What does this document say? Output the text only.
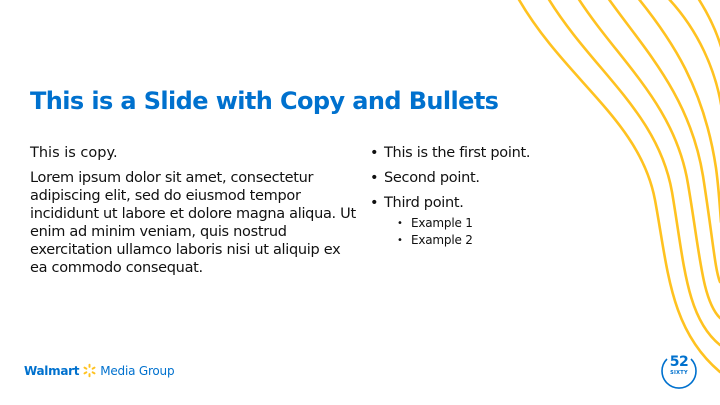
This is a Slide with Copy and Bullets

This is copy.

Lorem ipsum dolor sit amet, consectetur adipiscing elit, sed do eiusmod tempor incididunt ut labore et dolore magna aliqua. Ut enim ad minim veniam, quis nostrud exercitation ullamco laboris nisi ut aliquip ex ea commodo consequat.

• This is the first point.
• Second point.
• Third point.
• Example 1
• Example 2
Walmart Media Group
52
SIXTY
